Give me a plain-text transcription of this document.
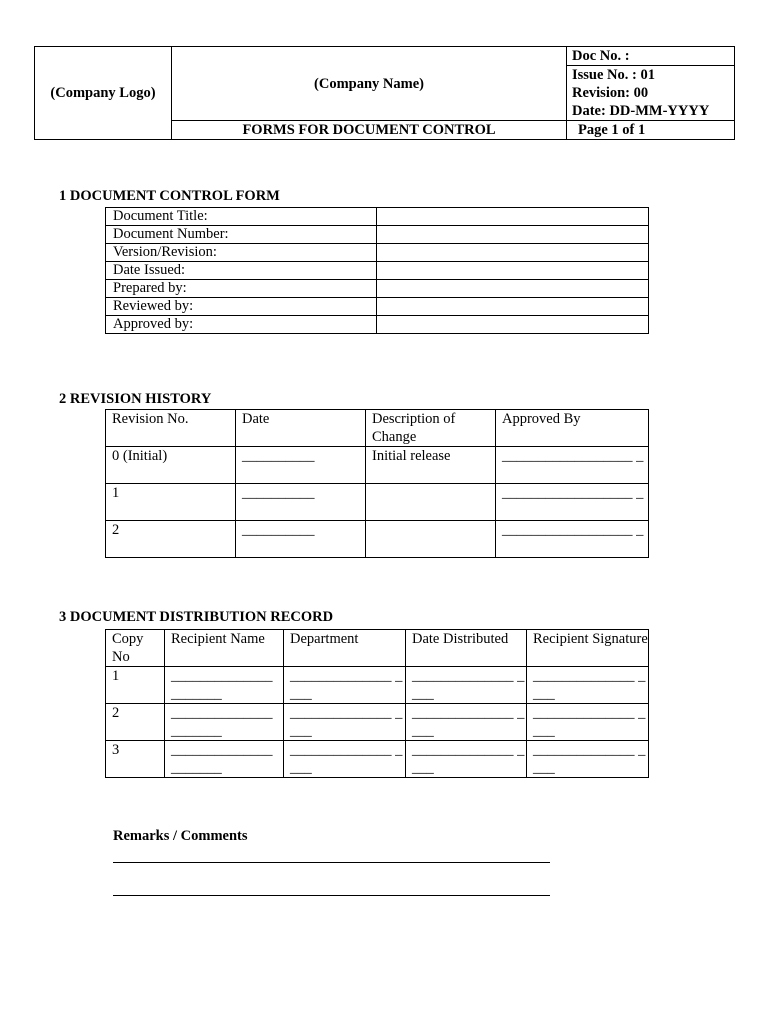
(Company Logo)	(Company Name)	Doc No. :
Issue No. : 01
Revision: 00
Date: DD-MM-YYYY

	FORMS FOR DOCUMENT CONTROL	Page 1 of 1
1 DOCUMENT CONTROL FORM
Document Title:	
Document Number:	
Version/Revision:	
Date Issued:	
Prepared by:	
Reviewed by:	
Approved by:	
2 REVISION HISTORY
Revision No.	Date	Description of Change	Approved By
0 (Initial)	__________	Initial release	__________________ _
1	__________		__________________ _
2	__________		__________________ _
3 DOCUMENT DISTRIBUTION RECORD
Copy No	Recipient Name	Department	Date Distributed	Recipient Signature
1	______________ _______	______________ ____	______________ ____	______________ ____
2	______________ _______	______________ ____	______________ ____	______________ ____
3	______________ _______	______________ ____	______________ ____	______________ ____
Remarks / Comments
